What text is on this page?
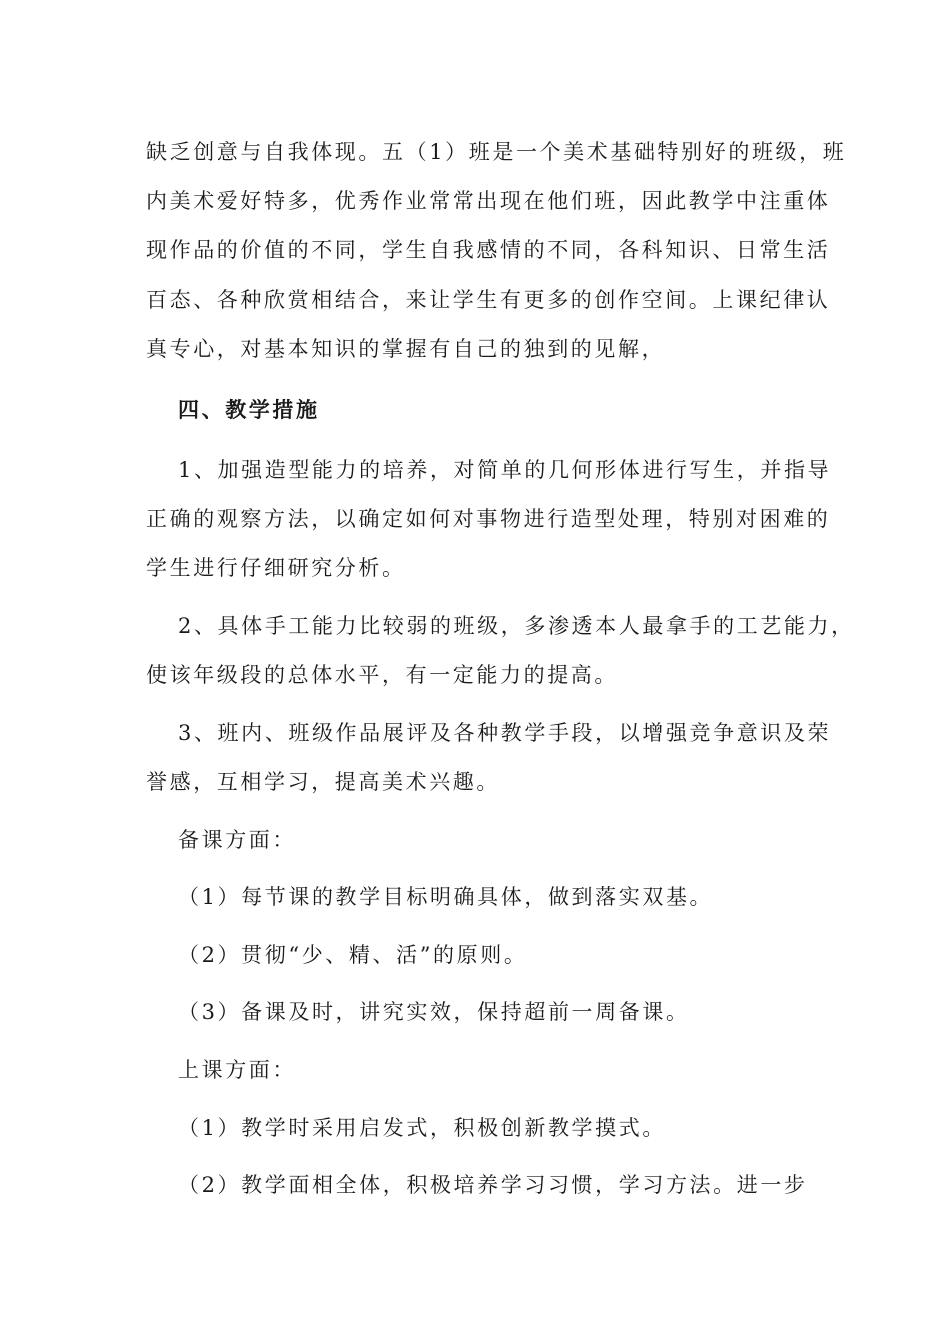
缺乏创意与自我体现。五（1）班是一个美术基础特别好的班级，班
内美术爱好特多，优秀作业常常出现在他们班，因此教学中注重体
现作品的价值的不同，学生自我感情的不同，各科知识、日常生活
百态、各种欣赏相结合，来让学生有更多的创作空间。上课纪律认
真专心，对基本知识的掌握有自己的独到的见解，
四、教学措施
1、加强造型能力的培养，对简单的几何形体进行写生，并指导
正确的观察方法，以确定如何对事物进行造型处理，特别对困难的
学生进行仔细研究分析。
2、具体手工能力比较弱的班级，多渗透本人最拿手的工艺能力，
使该年级段的总体水平，有一定能力的提高。
3、班内、班级作品展评及各种教学手段，以增强竞争意识及荣
誉感，互相学习，提高美术兴趣。
备课方面：
（1）每节课的教学目标明确具体，做到落实双基。
（2）贯彻“少、精、活”的原则。
（3）备课及时，讲究实效，保持超前一周备课。
上课方面：
（1）教学时采用启发式，积极创新教学摸式。
（2）教学面相全体，积极培养学习习惯，学习方法。进一步
